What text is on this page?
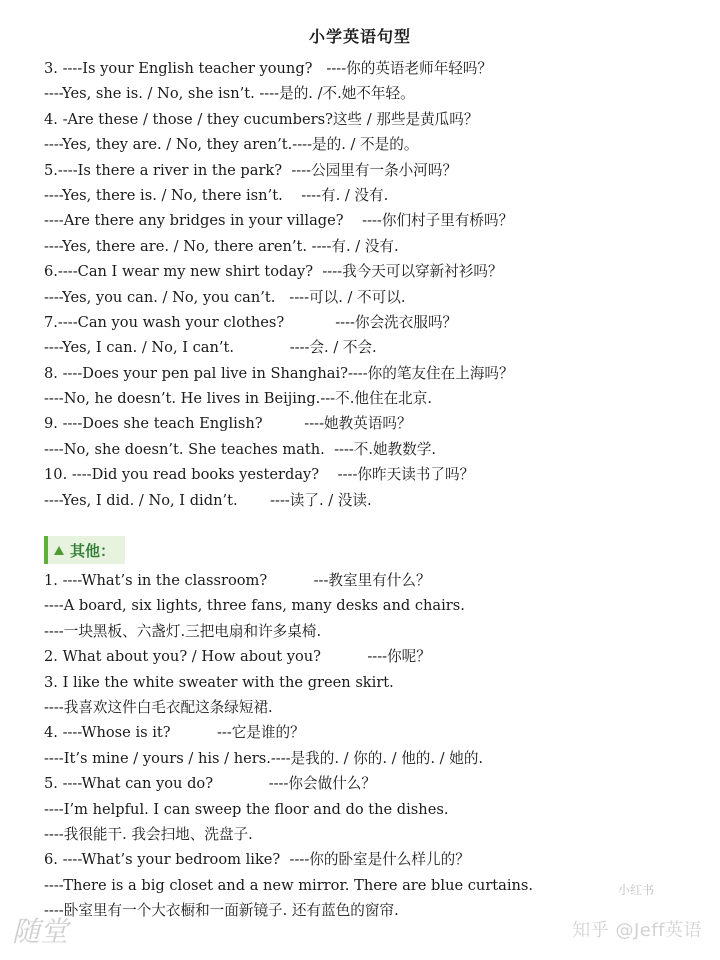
小学英语句型
3. ----Is your English teacher young?   ----你的英语老师年轻吗？
----Yes, she is. / No, she isn’t. ----是的. /不.她不年轻。
4. -Are these / those / they cucumbers?这些 / 那些是黄瓜吗？
----Yes, they are. / No, they aren’t.----是的. / 不是的。
5.----Is there a river in the park?  ----公园里有一条小河吗？
----Yes, there is. / No, there isn’t.    ----有. / 没有.
----Are there any bridges in your village?    ----你们村子里有桥吗？
----Yes, there are. / No, there aren’t. ----有. / 没有.
6.----Can I wear my new shirt today?  ----我今天可以穿新衬衫吗？
----Yes, you can. / No, you can’t.   ----可以. / 不可以.
7.----Can you wash your clothes?           ----你会洗衣服吗？
----Yes, I can. / No, I can’t.            ----会. / 不会.
8. ----Does your pen pal live in Shanghai?----你的笔友住在上海吗？
----No, he doesn’t. He lives in Beijing.---不.他住在北京.
9. ----Does she teach English?         ----她教英语吗？
----No, she doesn’t. She teaches math.  ----不.她教数学.
10. ----Did you read books yesterday?    ----你昨天读书了吗？
----Yes, I did. / No, I didn’t.       ----读了. / 没读.
其他：
1. ----What’s in the classroom?          ---教室里有什么？
----A board, six lights, three fans, many desks and chairs.
----一块黑板、六盏灯.三把电扇和许多桌椅.
2. What about you? / How about you?          ----你呢？
3. I like the white sweater with the green skirt.
----我喜欢这件白毛衣配这条绿短裙.
4. ----Whose is it?          ---它是谁的？
----It’s mine / yours / his / hers.----是我的. / 你的. / 他的. / 她的.
5. ----What can you do?            ----你会做什么？
----I’m helpful. I can sweep the floor and do the dishes.
----我很能干. 我会扫地、洗盘子.
6. ----What’s your bedroom like?  ----你的卧室是什么样儿的？
----There is a big closet and a new mirror. There are blue curtains.
----卧室里有一个大衣橱和一面新镜子. 还有蓝色的窗帘.
随堂
小红书
知乎 @Jeff英语
